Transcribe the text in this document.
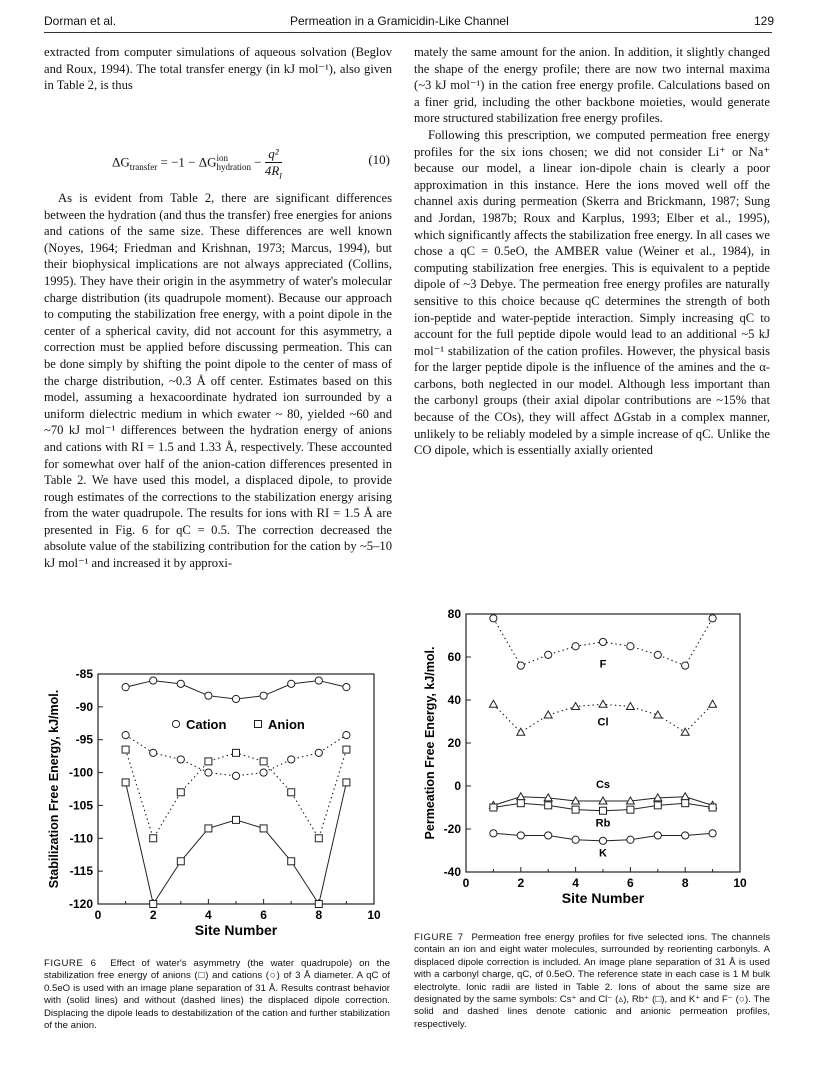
Dorman et al.	Permeation in a Gramicidin-Like Channel	129

extracted from computer simulations of aqueous solvation (Beglov and Roux, 1994). The total transfer energy (in kJ mol⁻¹), also given in Table 2, is thus

$\Delta G_{transfer} = -1 - \Delta G$ ion
hydration − $\frac{\text{q²}}{4R_I}$	(10)

As is evident from Table 2, there are significant differences between the hydration (and thus the transfer) free energies for anions and cations of the same size. These differences are well known (Noyes, 1964; Friedman and Krishnan, 1973; Marcus, 1994), but their biophysical implications are not always appreciated (Collins, 1995). They have their origin in the asymmetry of water's molecular charge distribution (its quadrupole moment). Because our approach to computing the stabilization free energy, with a point dipole in the center of a spherical cavity, did not account for this asymmetry, a correction must be applied before discussing permeation. This can be done simply by shifting the point dipole to the center of mass of the charge distribution, ~0.3 Å off center. Estimates based on this model, assuming a hexacoordinate hydrated ion surrounded by a uniform dielectric medium in which εwater ~ 80, yielded ~60 and ~70 kJ mol⁻¹ differences between the hydration energy of anions and cations with RI = 1.5 and 1.33 Å, respectively. These accounted for somewhat over half of the anion-cation differences presented in Table 2. We have used this model, a displaced dipole, to provide rough estimates of the corrections to the stabilization energy arising from the water quadrupole. The results for ions with RI = 1.5 Å are presented in Fig. 6 for qC = 0.5. The correction decreased the absolute value of the stabilizing contribution for the cation by ~5–10 kJ mol⁻¹ and increased it by approxi-

mately the same amount for the anion. In addition, it slightly changed the shape of the energy profile; there are now two internal maxima (~3 kJ mol⁻¹) in the cation free energy profile. Calculations based on a finer grid, including the other backbone moieties, would generate more structured stabilization free energy profiles.

Following this prescription, we computed permeation free energy profiles for the six ions chosen; we did not consider Li⁺ or Na⁺ because our model, a linear ion-dipole chain is clearly a poor approximation in this instance. Here the ions moved well off the channel axis during permeation (Skerra and Brickmann, 1987; Sung and Jordan, 1987b; Roux and Karplus, 1993; Elber et al., 1995), which significantly affects the stabilization free energy. In all cases we chose a qC = 0.5eO, the AMBER value (Weiner et al., 1984), in computing stabilization free energies. This is equivalent to a peptide dipole of ~3 Debye. The permeation free energy profiles are naturally sensitive to this choice because qC determines the strength of both ion-peptide and water-peptide interaction. Simply increasing qC to account for the full peptide dipole would lead to an additional ~5 kJ mol⁻¹ stabilization of the cation profiles. However, the physical basis for the larger peptide dipole is the influence of the amines and the α-carbons, both neglected in our model. Although less important than the carbonyl groups (their axial dipolar contributions are ~15% that because of the COs), they will affect ΔGstab in a complex manner, unlikely to be reliably modeled by a simple increase of qC. Unlike the CO dipole, which is essentially axially oriented

-85
-90
-95
-100
-105
-110
-115
-120
0	2	4	6	8	10
Site Number
Stabilization Free Energy, kJ/mol.	Cation	Anion
FIGURE 6 Effect of water's asymmetry (the water quadrupole) on the stabilization free energy of anions (□) and cations (○) of 3 Å diameter. A qC of 0.5eO is used with an image plane separation of 31 Å. Results contrast behavior with (solid lines) and without (dashed lines) the displaced dipole correction. Displacing the dipole leads to destabilization of the cation and further stabilization of the anion.
80
60
40
20
0
-20
-40
0	2	4	6	8	10
Site Number
Permeation Free Energy, kJ/mol.	F
Cl
Cs
Rb
K
FIGURE 7 Permeation free energy profiles for five selected ions. The channels contain an ion and eight water molecules, surrounded by reorienting carbonyls. A displaced dipole correction is included. An image plane separation of 31 Å is used with a carbonyl charge, qC, of 0.5eO. The reference state in each case is 1 M bulk electrolyte. Ionic radii are listed in Table 2. Ions of about the same size are designated by the same symbols: Cs⁺ and Cl⁻ (▵), Rb⁺ (□), and K⁺ and F⁻ (○). The solid and dashed lines denote cationic and anionic permeation profiles, respectively.
